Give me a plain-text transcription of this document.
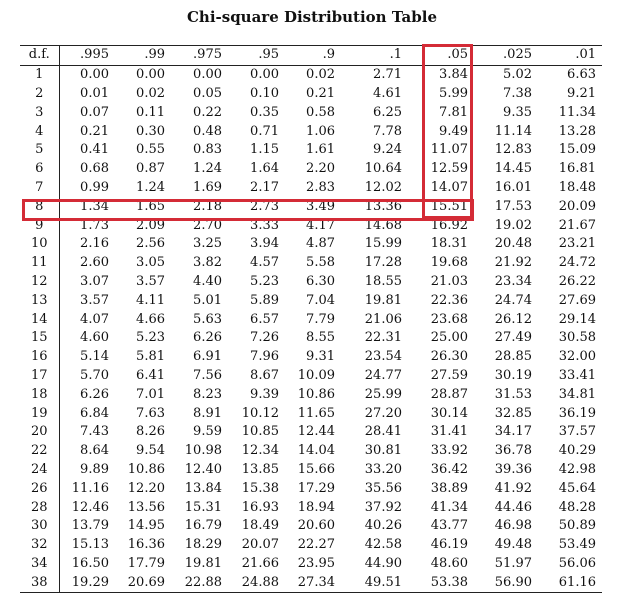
Chi-square Distribution Table
d.f.	.995	.99	.975	.95	.9	.1	.05	.025	.01
1	0.00	0.00	0.00	0.00	0.02	2.71	3.84	5.02	6.63
2	0.01	0.02	0.05	0.10	0.21	4.61	5.99	7.38	9.21
3	0.07	0.11	0.22	0.35	0.58	6.25	7.81	9.35	11.34
4	0.21	0.30	0.48	0.71	1.06	7.78	9.49	11.14	13.28
5	0.41	0.55	0.83	1.15	1.61	9.24	11.07	12.83	15.09
6	0.68	0.87	1.24	1.64	2.20	10.64	12.59	14.45	16.81
7	0.99	1.24	1.69	2.17	2.83	12.02	14.07	16.01	18.48
8	1.34	1.65	2.18	2.73	3.49	13.36	15.51	17.53	20.09
9	1.73	2.09	2.70	3.33	4.17	14.68	16.92	19.02	21.67
10	2.16	2.56	3.25	3.94	4.87	15.99	18.31	20.48	23.21
11	2.60	3.05	3.82	4.57	5.58	17.28	19.68	21.92	24.72
12	3.07	3.57	4.40	5.23	6.30	18.55	21.03	23.34	26.22
13	3.57	4.11	5.01	5.89	7.04	19.81	22.36	24.74	27.69
14	4.07	4.66	5.63	6.57	7.79	21.06	23.68	26.12	29.14
15	4.60	5.23	6.26	7.26	8.55	22.31	25.00	27.49	30.58
16	5.14	5.81	6.91	7.96	9.31	23.54	26.30	28.85	32.00
17	5.70	6.41	7.56	8.67	10.09	24.77	27.59	30.19	33.41
18	6.26	7.01	8.23	9.39	10.86	25.99	28.87	31.53	34.81
19	6.84	7.63	8.91	10.12	11.65	27.20	30.14	32.85	36.19
20	7.43	8.26	9.59	10.85	12.44	28.41	31.41	34.17	37.57
22	8.64	9.54	10.98	12.34	14.04	30.81	33.92	36.78	40.29
24	9.89	10.86	12.40	13.85	15.66	33.20	36.42	39.36	42.98
26	11.16	12.20	13.84	15.38	17.29	35.56	38.89	41.92	45.64
28	12.46	13.56	15.31	16.93	18.94	37.92	41.34	44.46	48.28
30	13.79	14.95	16.79	18.49	20.60	40.26	43.77	46.98	50.89
32	15.13	16.36	18.29	20.07	22.27	42.58	46.19	49.48	53.49
34	16.50	17.79	19.81	21.66	23.95	44.90	48.60	51.97	56.06
38	19.29	20.69	22.88	24.88	27.34	49.51	53.38	56.90	61.16
